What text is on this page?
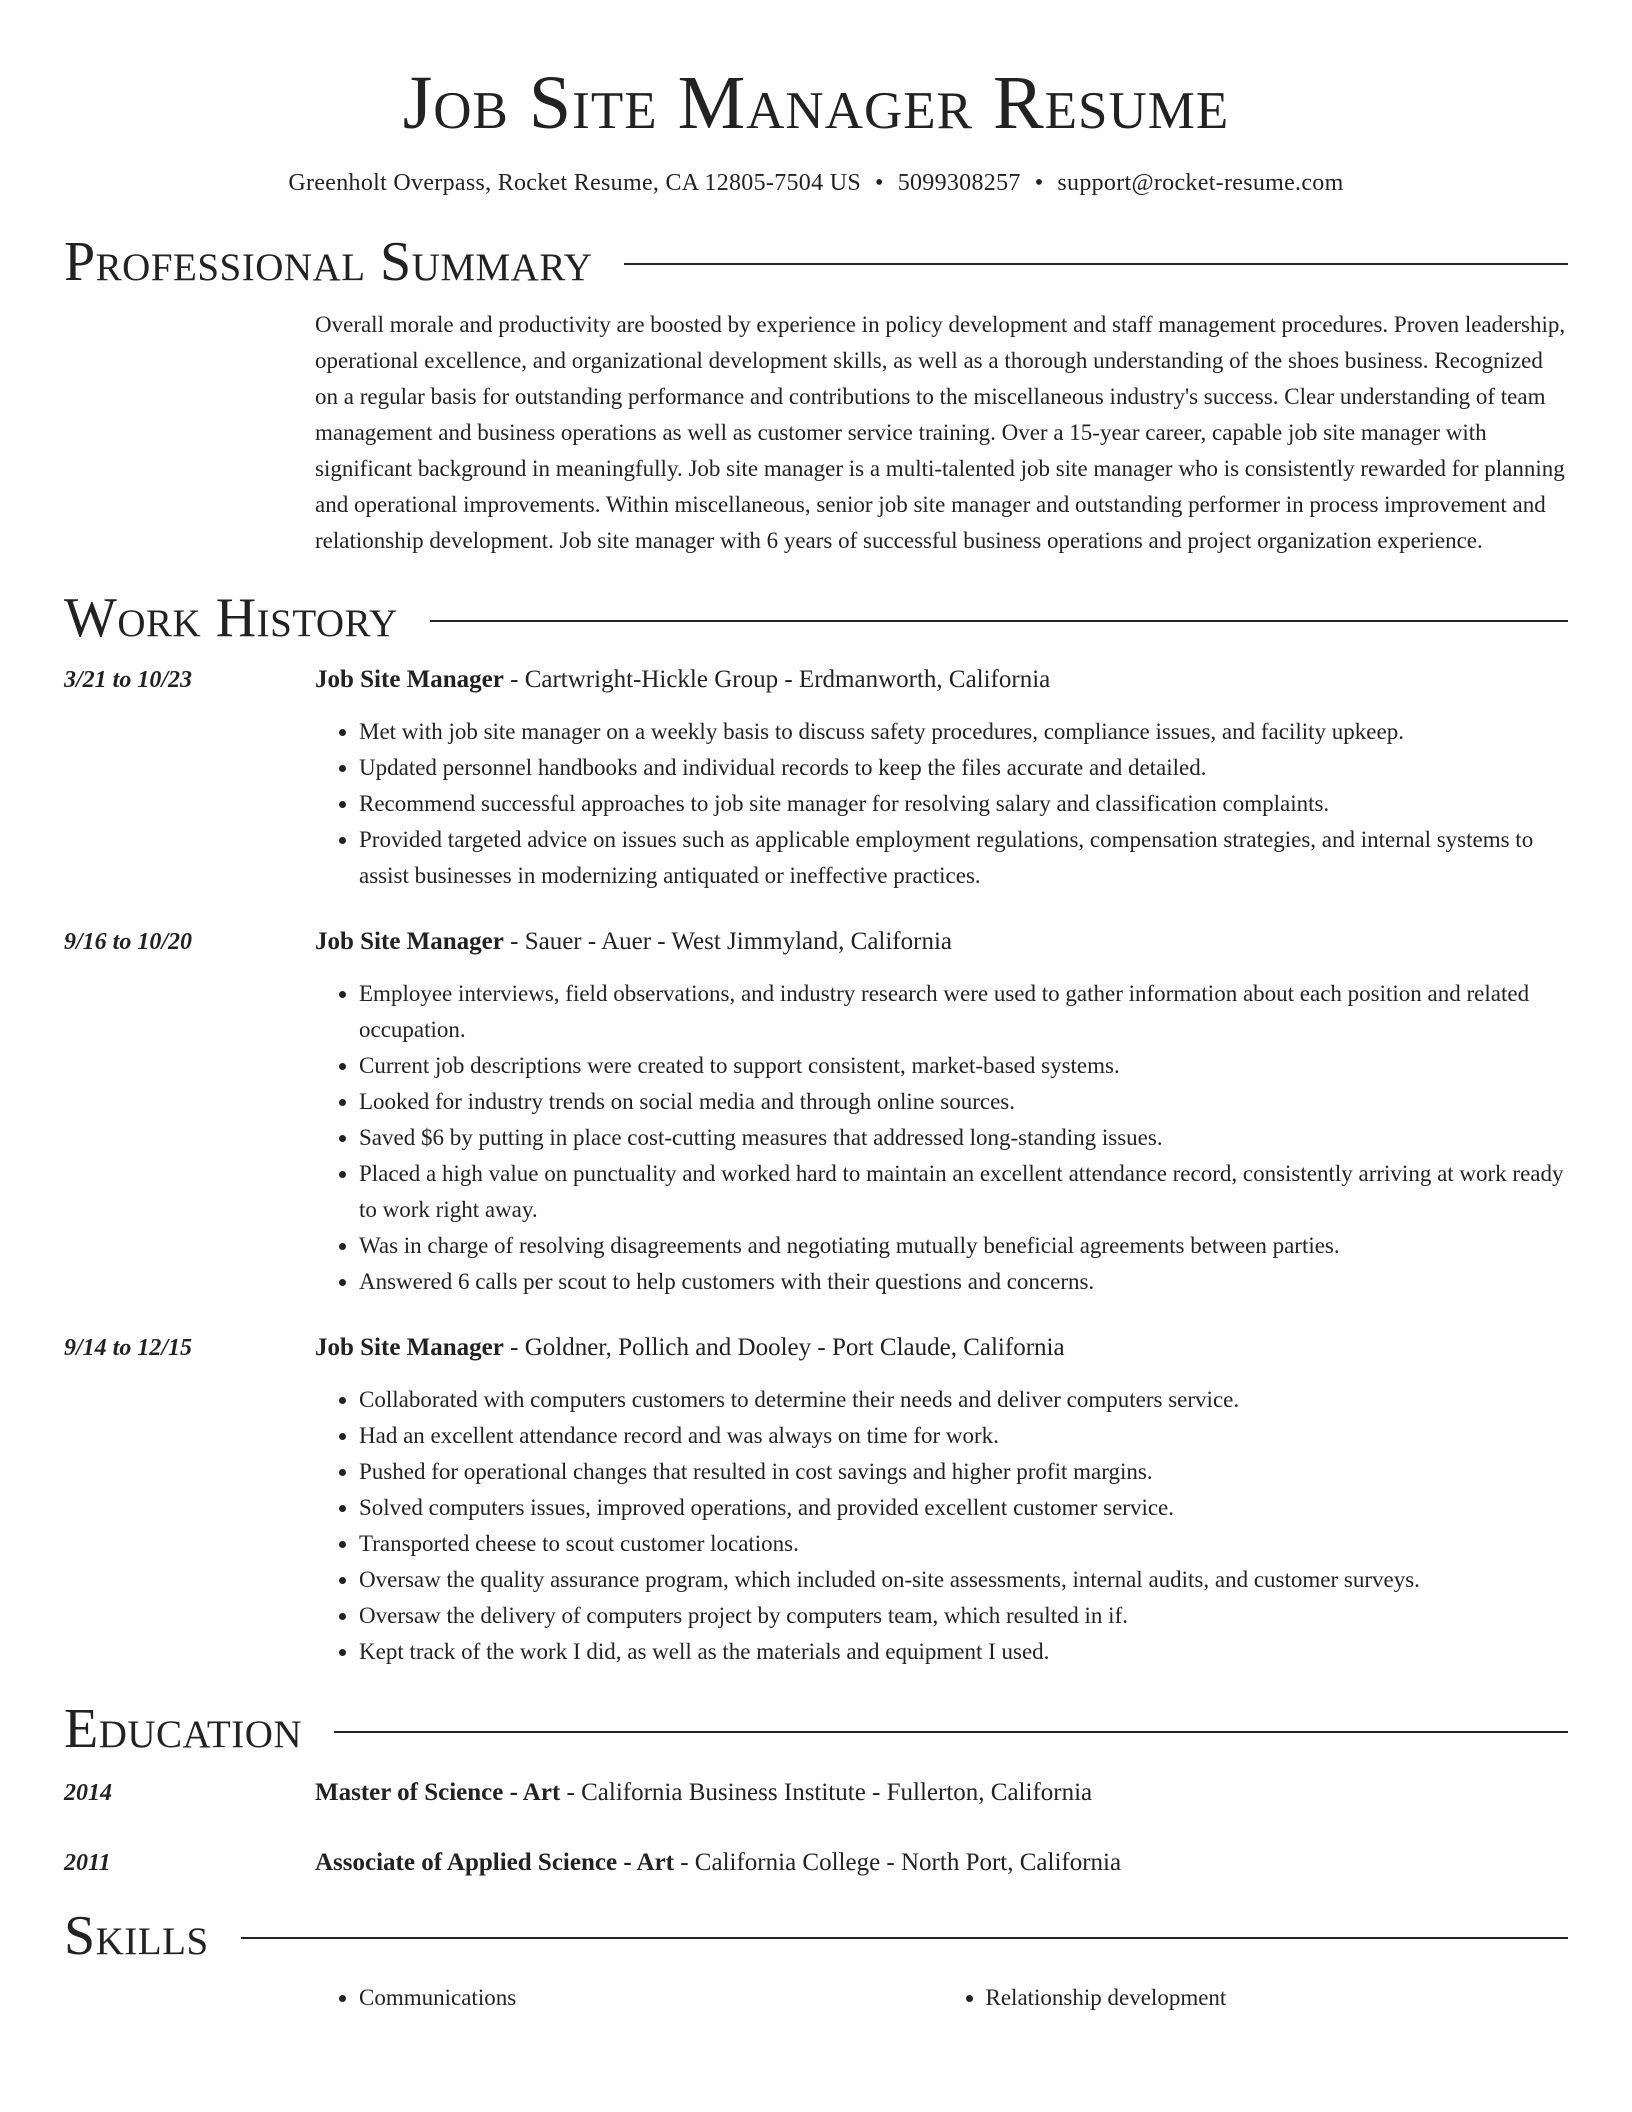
Job Site Manager Resume
Greenholt Overpass, Rocket Resume, CA 12805-7504 US • 5099308257 • support@rocket-resume.com
Professional Summary
Overall morale and productivity are boosted by experience in policy development and staff management procedures. Proven leadership, operational excellence, and organizational development skills, as well as a thorough understanding of the shoes business. Recognized on a regular basis for outstanding performance and contributions to the miscellaneous industry's success. Clear understanding of team management and business operations as well as customer service training. Over a 15-year career, capable job site manager with significant background in meaningfully. Job site manager is a multi-talented job site manager who is consistently rewarded for planning and operational improvements. Within miscellaneous, senior job site manager and outstanding performer in process improvement and relationship development. Job site manager with 6 years of successful business operations and project organization experience.
Work History
3/21 to 10/23	Job Site Manager - Cartwright-Hickle Group - Erdmanworth, California
• Met with job site manager on a weekly basis to discuss safety procedures, compliance issues, and facility upkeep.
• Updated personnel handbooks and individual records to keep the files accurate and detailed.
• Recommend successful approaches to job site manager for resolving salary and classification complaints.
• Provided targeted advice on issues such as applicable employment regulations, compensation strategies, and internal systems to assist businesses in modernizing antiquated or ineffective practices.
9/16 to 10/20	Job Site Manager - Sauer - Auer - West Jimmyland, California
• Employee interviews, field observations, and industry research were used to gather information about each position and related occupation.
• Current job descriptions were created to support consistent, market-based systems.
• Looked for industry trends on social media and through online sources.
• Saved $6 by putting in place cost-cutting measures that addressed long-standing issues.
• Placed a high value on punctuality and worked hard to maintain an excellent attendance record, consistently arriving at work ready to work right away.
• Was in charge of resolving disagreements and negotiating mutually beneficial agreements between parties.
• Answered 6 calls per scout to help customers with their questions and concerns.
9/14 to 12/15	Job Site Manager - Goldner, Pollich and Dooley - Port Claude, California
• Collaborated with computers customers to determine their needs and deliver computers service.
• Had an excellent attendance record and was always on time for work.
• Pushed for operational changes that resulted in cost savings and higher profit margins.
• Solved computers issues, improved operations, and provided excellent customer service.
• Transported cheese to scout customer locations.
• Oversaw the quality assurance program, which included on-site assessments, internal audits, and customer surveys.
• Oversaw the delivery of computers project by computers team, which resulted in if.
• Kept track of the work I did, as well as the materials and equipment I used.
Education
2014	Master of Science - Art - California Business Institute - Fullerton, California
2011	Associate of Applied Science - Art - California College - North Port, California
Skills
• Communications
•	Relationship development
